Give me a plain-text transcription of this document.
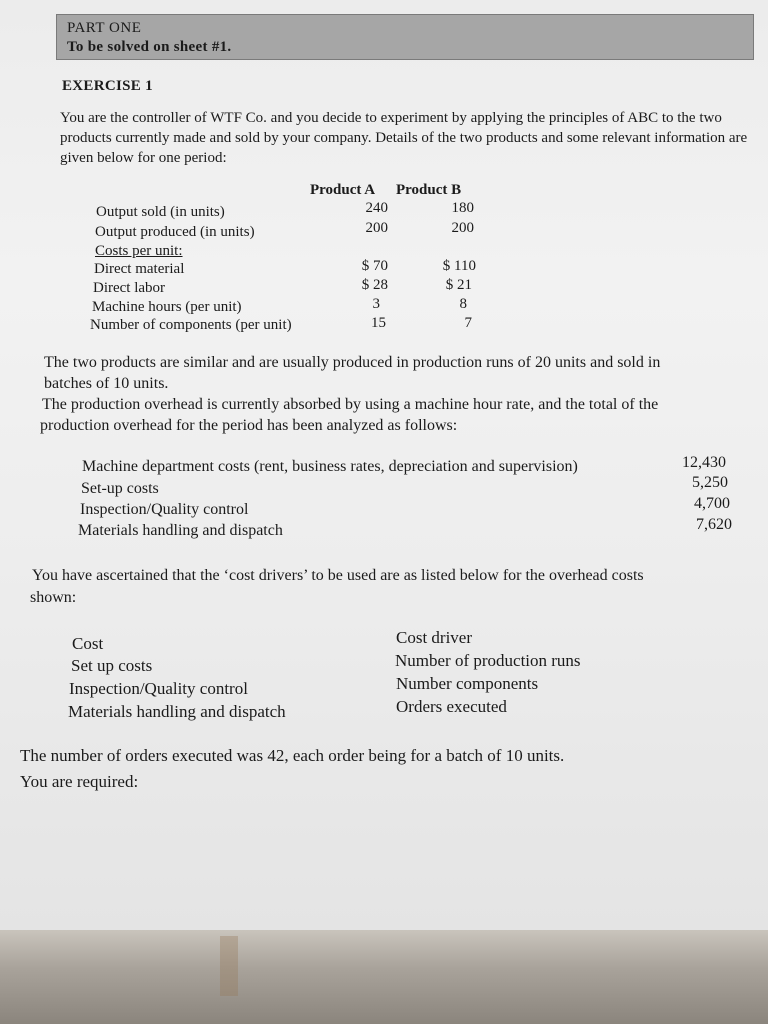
PART ONE
To be solved on sheet #1.
EXERCISE 1
You are the controller of WTF Co. and you decide to experiment by applying the principles of ABC to the two products currently made and sold by your company. Details of the two products and some relevant information are given below for one period:
Product A Product B
Output sold (in units)	240	180
Output produced (in units)	200	200
Costs per unit:
Direct material	$ 70	$ 110
Direct labor	$ 28	$ 21
Machine hours (per unit)	3	8
Number of components (per unit)	15	7
The two products are similar and are usually produced in production runs of 20 units and sold in
batches of 10 units.
The production overhead is currently absorbed by using a machine hour rate, and the total of the
production overhead for the period has been analyzed as follows:
Machine department costs (rent, business rates, depreciation and supervision)	12,430
Set-up costs	5,250
Inspection/Quality control	4,700
Materials handling and dispatch	7,620
You have ascertained that the ‘cost drivers’ to be used are as listed below for the overhead costs
shown:
Cost	Cost driver
Set up costs	Number of production runs
Inspection/Quality control	Number components
Materials handling and dispatch	Orders executed
The number of orders executed was 42, each order being for a batch of 10 units.
You are required:
